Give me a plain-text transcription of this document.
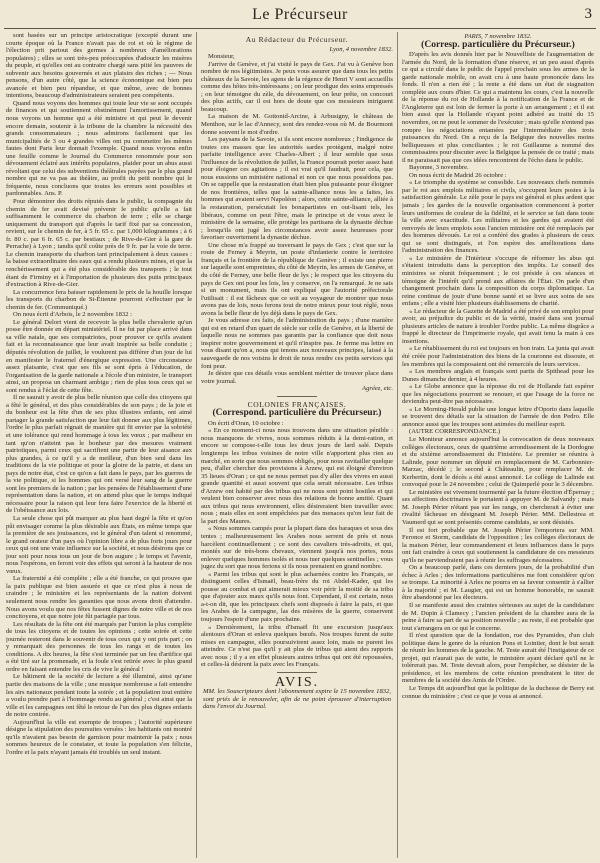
Le Précurseur	3
sont basées sur un principe aristocratique (excepté durant une courte époque où la France n'avait pas de roi et où le régime de l'élection prit partout des germes à nombreux d'améliorations populaires) ; elles se sont très-peu préoccupées d'adoucir les misères du peuple, et qu'elles ont au contraire chargé sans pitié les pauvres de subvenir aux besoins gouvernés et aux plaisirs des riches ; — Nous pensons, d'un autre côté, que la science économique est bien peu avancée et bien peu répandue, et que même, avec de bonnes intentions, beaucoup d'administrateurs seraient peu compétents.
Quand nous voyons des hommes qui toute leur vie se sont occupés de finances et qui soutiennent obstinément l'amortissement, quand nous voyons un homme qui a été ministre et qui peut le devenir encore demain, soutenir à la tribune de la chambre la nécessité des grands consommateurs ; nous admirons facilement que les municipalités de 3 ou 4 grandes villes ont pu commettre les mêmes fautes dont Paris leur donnait l'exemple. Quand nous voyons enfin une feuille comme le Journal du Commerce renommée pour son dévouement éclairé aux intérêts populaires, plaider pour un abus aussi révoltant que celui des subventions théâtrales payées par le plus grand nombre qui ne va pas au théâtre, au profit du petit nombre qui le fréquente, nous concluons que toutes les erreurs sont possibles et pardonnables. Ans. P.
Pour démontrer des droits réputés dans le public, la compagnie du chemin de fer avait devisé prévenir le public qu'elle a fait suffisamment le commerce du charbon de terre ; elle se charge uniquement du transport qui d'après le tarif fixé par sa concession, revient, sur le chemin de fer, à 5 fr. 65 c. par 1,000 kilogrammes ; à 6 fr. 80 c. par 6 fr. 65 c. par bestiaux ; de Rive-de-Gier à la gare de Perrache) à Lyon ; tandis qu'il coûte près de 9 fr. par la voie de terre. Le chemin transporte du charbon tant principalement à deux causes : la baisse extraordinaire des eaux qui a rendu plusieurs mines, et que la renchérissement qui a été plus considérable des transports ; le tout étant de Firminy et à l'importation de plusieurs des puits principaux d'extraction à Rive-de-Gier.
La concurrence fera baisser rapidement le prix de la houille lorsque les transports du charbon de St-Étienne pourront s'effectuer par le chemin de fer. (Communiqué.)
On nous écrit d'Arbois, le 2 novembre 1832 :
Le général Delort vient de recevoir la plus belle chevalerie qu'un posse être donnée en départ ministériel. Il ne fut par place arrivé dans sa ville natale, que ses compatriotes, pour prouver ce qu'ils avaient fait et la reconnaissance que leur avait inspirée sa belle conduite ; députés révolution de juillet, le voulurent pas différer d'un jour de lui en manifester le fraternel d'énergique expression. Une circonstance assez plaisante, c'est que ses fils se sont épris à l'éducation, de l'organisation de la garde nationale a l'école d'un ministre, le transport ainsi, un proposa un charmant ambigu ; rien de plus tous ceux qui se sont rendus à l'éclat de cette fête.
Il ne saurait y avoir de plus belle réunion que celle des citoyens qui a fêté le général, et des plus considérables de son pays ; de la joie et du bonheur est la fête d'un de ses plus illustres enfants, ont aimé partager la grande satisfaction que leur fait donner aux plus légitimes, l'ordre le plus parfait régnait de manière qui fit envier par la sobriété et une tolérance qui rend hommage à tous les vœux ; par malheur en tant qu'on n'atteint pas le bonheur par des mesures vraiment patriotiques, parmi ceux qui sacrifient une partie de leur aisance aux plus grandes, à ce qu'il y a de meilleur, d'un bien seul dans les traditions de la vie politique et pour la gloire de la patrie, et dans un pays de notre état, c'est ce qu'on a fait dans le pays, par les guerres de la vie politique, si les hommes qui ont versé leur sang de la guerre sont les premiers de la nation ; par les pensées de l'établissement d'une représentation dans la nation, et on attend plus que le temps indiqué nécessaire pour la raison qui leur fera faire l'exercice de la liberté et de l'obéissance aux lois.
La seule chose qui pût marquer au plus haut degré la fête et qu'on pût envisager comme la plus désirable aux États, en même temps que la première de ses jouissances, est le général d'un talent si renommé, le grand orateur d'un pays où l'opinion libre a de plus forts jours pour ceux qui ont une vraie influence sur la société, et nous désirons que ce jour soit pour nous tous un jour de bon augure ; le temps et l'avenir, nous l'espérons, en feront voir des effets qui seront à la hauteur de nos vœux.
La fraternité a été complète ; elle a été franche, ce qui prouve que la paix publique est bien assurée et que ce n'est plus à nous de craindre ; le ministère et les représentants de la nation doivent seulement nous rendre les garanties que nous avons droit d'attendre. Nous avons voulu que nos fêtes fussent dignes de notre ville et de nos concitoyens, et que notre joie fût partagée par tous.
Les résultats de la fête ont été marqués par l'union la plus complète de tous les citoyens et de toutes les opinions ; cette soirée et cette journée resteront dans le souvenir de tous ceux qui y ont pris part ; on y remarquait des personnes de tous les rangs et de toutes les conditions. A dix heures, la fête s'est terminée par un feu d'artifice qui a été tiré sur la promenade, et la foule s'est retirée avec le plus grand ordre en faisant entendre les cris de vive le général !
Le bâtiment de la société de lecture a été illuminé, ainsi qu'une partie des maisons de la ville ; une musique nombreuse a fait entendre les airs nationaux pendant toute la soirée ; et la population tout entière a voulu prendre part à l'hommage rendu au général ; c'est ainsi que la ville et les campagnes ont fêté le retour de l'un des plus dignes enfants de notre contrée.
Aujourd'hui la ville est exempte de troupes ; l'autorité supérieure désigne la stipulation des poursuites versées : les habitants ont montré qu'ils n'avaient pas besoin de garnison pour maintenir la paix ; nous sommes heureux de le constater, et toute la population s'en félicite, l'ordre et la paix n'ayant jamais été troublés un seul instant.
Au Rédacteur du Précurseur.
Lyon, 4 novembre 1832.
Monsieur,
J'arrive de Genève, et j'ai visité le pays de Gex. J'ai vu à Genève bon nombre de nos légitimistes. Je peux vous assurer que dans tous les petits châteaux de la Savoie, les agens de la régence de Henri V sont accueillis comme des hôtes très-intéressans ; on leur prodigue des soins empressés ; on leur témoigne du zèle, du dévouement, on leur prête, on concourt des plus actifs, car il est hors de doute que ces messieurs intriguent beaucoup.
La maison de M. Gottonid-Arcine, à Arbusigny, le château de Menthon, sur le lac d'Annecy, sont des rendez-vous où M. de Bourmont donne souvent le mot d'ordre.
Les paysans de la Savoie, si ils sont encore nombreux ; l'indigence de toutes ces masses que les autorités sardes protègent, malgré notre parfaite intelligence avec Charles-Albert ; il leur semble que sous l'influence de la révolution de juillet, la France pourrait porter assez haut pour éloigner ces agitations ; il est vrai qu'il faudrait, pour cela, que nous eussions un ministère national et non ce que nous possédons pas. On se rappelle que la restauration était bien plus puissante pour éloigner de nos frontières, telles que la sainte-alliance nous les a faites, les hommes qui avaient servi Napoléon ; alors, cette sainte-alliance, alliée à la restauration, persécutait les bonapartistes en out-lisant tels, les libéraux, comme on peut l'être, mais le principe et de vous avez le ministère de la semaine, elle protège les partisans de la dynastie déchue ; lorsqu'ils ont jugé les circonstances avoir assez heureuses pour favoriser ouvertement la dynastie déchue.
Une chose m'a frappé au traversant le pays de Gex ; c'est que sur la route de Ferney à Meyrin, un poste d'infanterie contre le territoire français et la frontière de la république de Genève ; il existe une pierre sur laquelle sont empreintes, du côté de Meyrin, les armes de Genève, et du côté de Ferney, une belle fleur de lys ; le respect que les citoyens du pays de Gex ont pour les lois, les y conserve, on l'a remarqué. Je ne sais si un monument, mais ils ont expliqué que l'autorité préfectorale l'utilisait : il est fâcheux que ce soit au voyageur de montrer que nous avons pas de lois, nous ferons tout de notre mieux pour tout réglé, nous avons la belle fleur de lys déjà dans le pays de Gex.
Je vous adresse ces faits, de l'administration du pays ; d'une manière qui est en retard d'un quart de siècle sur celle de Genève, et la liberté de laquelle nous ne sommes pas garantis par la confiance que doit nous inspirer notre gouvernement et qu'il n'inspire pas. Je ferme ma lettre en vous disant qu'on a, nous qui tenons aux nouveaux principes, laissé à la sauvegarde de nos voisins le droit de nous rendre ces petits services qui font peur.
Je désire que ces détails vous semblent mériter de trouver place dans votre journal.
Agréez, etc.
COLONIES FRANÇAISES.
(Correspond. particulière du Précurseur.)
On écrit d'Oran, 10 octobre :
« En ce moment-ci nous nous trouvons dans une situation pénible : nous manquons de vivres, nous sommes réduits à la demi-ration, et encore se compose-t-elle tous les deux jours de lard salé. Depuis longtemps les tribus voisines de notre ville n'apportent plus rien au marché, en sorte que nous sommes obligés, pour nous ravitailler quelque peu, d'aller chercher des provisions à Arzew, qui est éloigné d'environ 35 lieues d'Oran ; ce qui ne nous permet pas d'y aller des vivres en aussi grande quantité et aussi souvent que cela serait nécessaire. Les tribus d'Arzew ont habité par des tribus qui ne nous sont point hostiles et qui veulent bien conserver avec nous des relations de bonne amitié. Quant aux tribus qui nous environnent, elles désireraient bien travailler avec nous ; mais elles en sont empêchées par des menaces qu'on leur fait de la part des Maures.
« Nous sommes campés pour la plupart dans des baraques et sous des tentes ; malheureusement les Arabes nous serrent de près et nous harcèlent continuellement ; ce sont des cavaliers très-adroits, et qui, montés sur de très-bons chevaux, viennent jusqu'à nos portes, nous enlever quelques hommes isolés et nous tuer quelques sentinelles ; vous jugez du sort que nous ferions si ils nous prenaient en grand nombre.
« Parmi les tribus qui sont le plus acharnées contre les Français, se distinguent celles d'Ismaël, beau-frère du roi Abdel-Kader, qui les pousse au combat et qui aimerait mieux voir périr la moitié de sa tribu que d'ajouter aux maux qu'ils nous font. Cependant, il est certain, nous a-t-on dit, que les principaux chefs sont disposés à faire la paix, et que les Arabes de la campagne, las des misères de la guerre, conservent toujours l'espoir d'une paix prochaine.
« Dernièrement, la tribu d'Ismaël fit une excursion jusqu'aux alentours d'Oran et enleva quelques bœufs. Nos troupes furent de suite mises en campagne, elles poursuivirent assez loin, mais ne purent les atteindre. Ce n'est pas qu'il y ait plus de tribus qui aient des rapports avec nous ; il y a en effet plusieurs autres tribus qui ont été repoussées, et celles-là désirent la paix avec les Français.
AVIS.
MM. les Souscripteurs dont l'abonnement expire le 15 novembre 1832, sont priés de le renouveler, afin de ne point éprouver d'interruption dans l'envoi du Journal.
PARIS, 7 novembre 1832.
(Corresp. particulière du Précurseur.)
D'après les avis donnés hier par le Nouvelliste de l'augmentation de l'armée du Nord, de la formation d'une réserve, et un peu aussi d'après ce qui a circulé dans le public de l'appel prochain sous les armes de la garde nationale mobile, on avait cru à une haute prononcée dans les fonds. Il n'en a rien été ; la rente a été dans un état de stagnation complète aux cours d'hier. Ce qui a maintenu les cours, c'est la nouvelle de la réponse du roi de Hollande à la notification de la France et de l'Angleterre qui est loin de fermer la porte à un arrangement ; et il est bien aussi que la Hollande n'ayant point adhéré au traité du 15 novembre, on ne peut le sommer de l'exécuter ; mais qu'elle n'entend pas rompre les négociations entamées par l'intermédiaire des trois puissances du Nord. On a reçu de la Belgique des nouvelles moins belliqueuses et plus conciliantes ; le roi Guillaume a nommé des commissaires pour discuter avec la Belgique la pensée de ce traité ; mais il ne paraissait pas que ces idées rencontrent de l'écho dans le public.
Bayonne, 3 novembre.
On nous écrit de Madrid 26 octobre :
« Le triomphe du système se consolide. Les nouveaux chefs nommés par le roi aux emplois militaires et civils, s'occupent leurs postes à la satisfaction générale. Le zèle pour le pays est général et plus ardent que jamais ; les gardes de la nouvelle organisation commencent à porter leurs uniformes de couleur de la fidélité, et le service se fait dans toute la ville avec exactitude. Les militaires et les gardes qui avaient été renvoyés de leurs emplois sous l'ancien ministère ont été remplacés par des hommes dévoués. Le roi a conféré des grades à plusieurs de ceux qui se sont distingués, et l'on espère des améliorations dans l'administration des finances.
« Le ministère de l'Intérieur s'occupe de réformer les abus qui s'étaient introduits dans la perception des impôts. Le conseil des ministres se réunit fréquemment ; le roi préside à ces séances et témoigne de l'intérêt qu'il prend aux affaires de l'État. On parle d'un changement prochain dans la composition du corps diplomatique. La reine continue de jouir d'une bonne santé et se livre aux soins de ses enfans ; elle a visité hier plusieurs établissemens de charité.
« Le rédacteur de la Gazette de Madrid a été privé de son emploi pour avoir, au préjudice du public et de la vérité, inséré dans son journal plusieurs articles de nature à troubler l'ordre public. La même disgrâce a frappé le directeur de l'imprimerie royale, qui avait tenu la main à ces insertions.
« Le rétablissement du roi est toujours en bon train. La junta qui avait été créée pour l'administration des biens de la couronne est dissoute, et les membres qui la composaient ont été remerciés de leurs services.
« Les membres anglais et français sont partis de Spithead pour les Dunes dimanche dernier, à 4 heures.
« Le Globe annonce que la réponse du roi de Hollande fait espérer que les négociations pourront se renouer, et que l'usage de la force ne deviendra peut-être pas nécessaire.
« Le Morning-Herald publie une longue lettre d'Oporto dans laquelle se trouvent des détails sur la situation de l'armée de don Pedro. Elle annonce aussi que les troupes sont animées du meilleur esprit.
(AUTRE CORRESPONDANCE.)
Le Moniteur annonce aujourd'hui la convocation de deux nouveaux collèges électoraux, ceux de quatrième arrondissement de la Dordogne et du sixième arrondissement du Finistère. Le premier se réunira à Lalinde, pour nommer un député en remplacement de M. Carbonnier-Marzac, décédé ; le second à Châteaulin, pour remplacer M. de Kerbertin, dont le décès a été aussi annoncé. Le collège de Lalinde est convoqué pour le 24 novembre ; celui de Quimperlé pour le 3 décembre.
Le ministère est vivement tourmenté par la future élection d'Épernay ; ses affections doctrinaires le portaient à appuyer M. de Salvandy ; mais M. Joseph Périer n'étant pas sur les rangs, on chercherait à éviter une rivalité fâcheuse en désignant M. Joseph Périer. MM. Dellestrea et Vaumerd qui se sont présentés comme candidats, se sont désistés.
Il est fort probable que M. Joseph Périer l'emportera sur MM. Feronce et Storm, candidats de l'opposition ; les collèges électoraux de la maison Périer, leur commandement et leurs influences dans le pays ont fait craindre à ceux qui soutiennent la candidature de ces messieurs qu'ils ne parviendraient pas à réunir les suffrages nécessaires.
On a beaucoup parlé, dans ces derniers jours, de la probabilité d'un échec à Arles ; des informations particulières me font considérer qu'on se trompe. La minorité à Arles ne pourra en sa faveur consentir à s'allier à la majorité ; et M. Laugier, qui est un homme honorable, ne saurait être abandonné par les électeurs.
Il se manifeste aussi des craintes sérieuses au sujet de la candidature de M. Dupin à Clamecy ; l'ancien président de la chambre aura de la peine à faire sa part de sa position nouvelle ; au reste, il est probable que tout s'arrangera en ce qui le concerne.
Il n'est question que de la fondation, rue des Pyramides, d'un club politique dans le genre de la réunion Pons et Lointier, dont le but serait de réunir les hommes de la gauche. M. Teste aurait été l'instigateur de ce projet, qui n'aurait pas de suite, le ministère ayant déclaré qu'il ne le tolérerait pas. M. Teste devrait alors, pour l'empêcher, se désister de la présidence, et les membres de cette réunion prendraient le titre de membres de la société des Amis de l'Ordre.
Le Temps dit aujourd'hui que la politique de la duchesse de Berry est connue du ministère ; c'est ce que je vous ai annoncé.
